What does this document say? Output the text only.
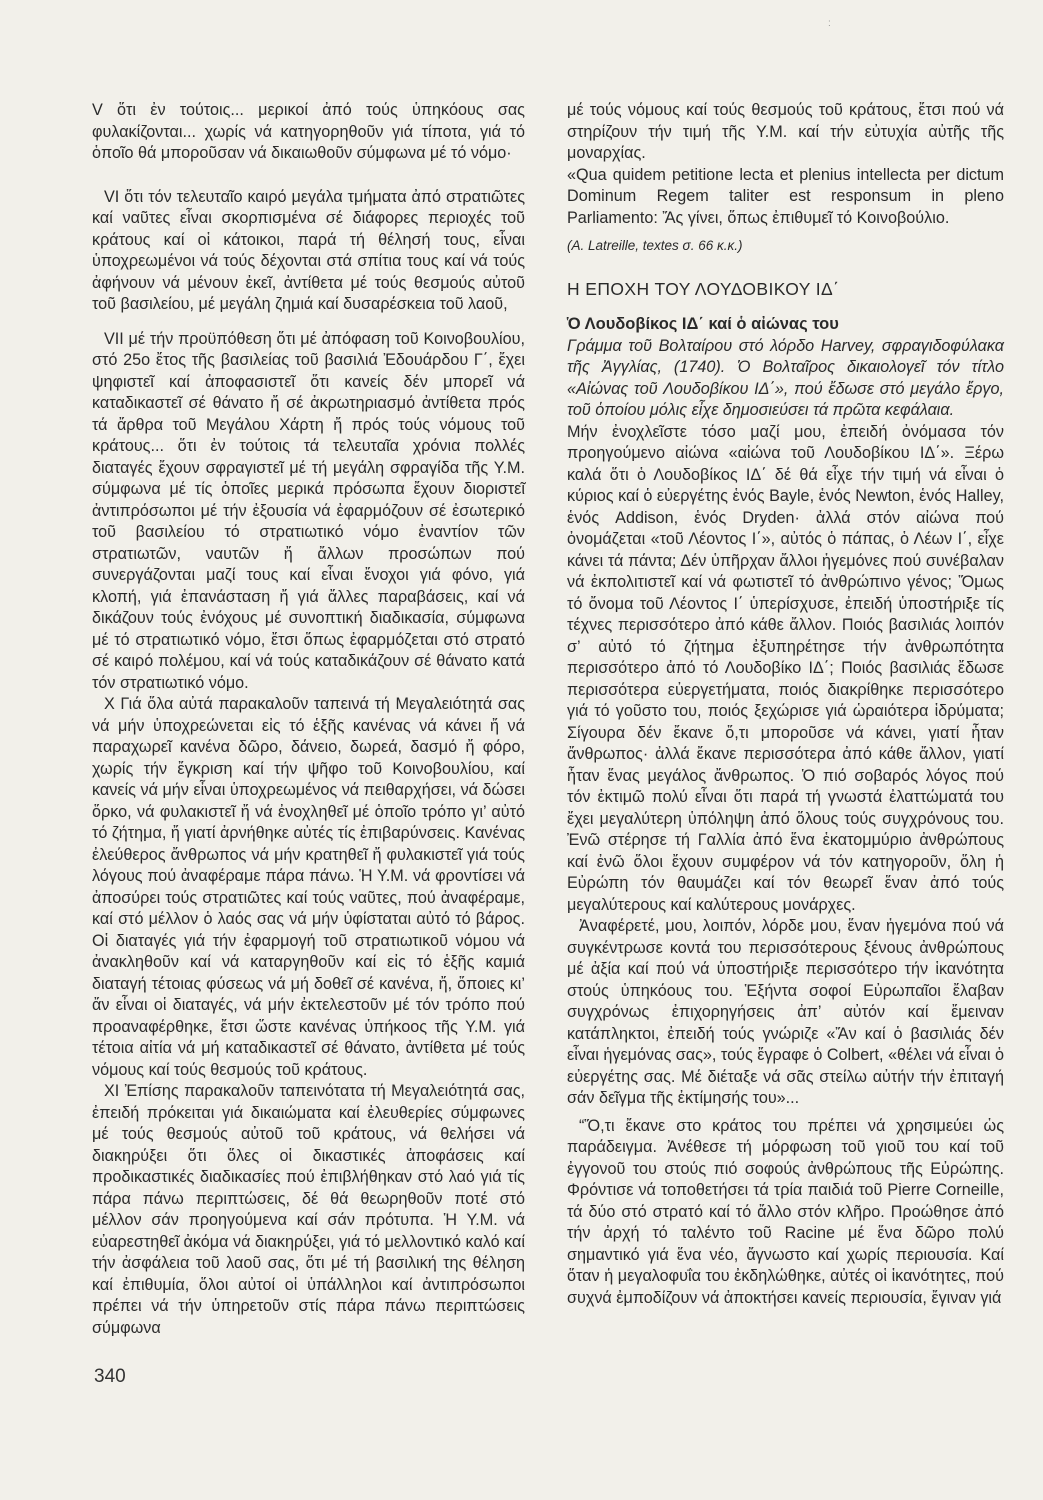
:

V ὅτι ἐν τούτοις... μερικοί ἀπό τούς ὑπηκόους σας φυλακίζονται... χωρίς νά κατηγορηθοῦν γιά τίποτα, γιά τό ὁποῖο θά μποροῦσαν νά δικαιωθοῦν σύμφωνα μέ τό νόμο·

VI ὅτι τόν τελευταῖο καιρό μεγάλα τμήματα ἀπό στρατιῶτες καί ναῦτες εἶναι σκορπισμένα σέ διάφορες περιοχές τοῦ κράτους καί οἱ κάτοικοι, παρά τή θέλησή τους, εἶναι ὑποχρεωμένοι νά τούς δέχονται στά σπίτια τους καί νά τούς ἀφήνουν νά μένουν ἐκεῖ, ἀντίθετα μέ τούς θεσμούς αὐτοῦ τοῦ βασιλείου, μέ μεγάλη ζημιά καί δυσαρέσκεια τοῦ λαοῦ,

VII μέ τήν προϋπόθεση ὅτι μέ ἀπόφαση τοῦ Κοινοβουλίου, στό 25ο ἔτος τῆς βασιλείας τοῦ βασιλιά Ἐδουάρδου Γ΄, ἔχει ψηφιστεῖ καί ἀποφασιστεῖ ὅτι κανείς δέν μπορεῖ νά καταδικαστεῖ σέ θάνατο ἤ σέ ἀκρωτηριασμό ἀντίθετα πρός τά ἄρθρα τοῦ Μεγάλου Χάρτη ἤ πρός τούς νόμους τοῦ κράτους... ὅτι ἐν τούτοις τά τελευταῖα χρόνια πολλές διαταγές ἔχουν σφραγιστεῖ μέ τή μεγάλη σφραγίδα τῆς Υ.Μ. σύμφωνα μέ τίς ὁποῖες μερικά πρόσωπα ἔχουν διοριστεῖ ἀντιπρόσωποι μέ τήν ἐξουσία νά ἐφαρμόζουν σέ ἐσωτερικό τοῦ βασιλείου τό στρατιωτικό νόμο ἐναντίον τῶν στρατιωτῶν, ναυτῶν ἤ ἄλλων προσώπων πού συνεργάζονται μαζί τους καί εἶναι ἔνοχοι γιά φόνο, γιά κλοπή, γιά ἐπανάσταση ἤ γιά ἄλλες παραβάσεις, καί νά δικάζουν τούς ἐνόχους μέ συνοπτική διαδικασία, σύμφωνα μέ τό στρατιωτικό νόμο, ἔτσι ὅπως ἐφαρμόζεται στό στρατό σέ καιρό πολέμου, καί νά τούς καταδικάζουν σέ θάνατο κατά τόν στρατιωτικό νόμο.

X Γιά ὅλα αὐτά παρακαλοῦν ταπεινά τή Μεγαλειότητά σας νά μήν ὑποχρεώνεται εἰς τό ἑξῆς κανένας νά κάνει ἤ νά παραχωρεῖ κανένα δῶρο, δάνειο, δωρεά, δασμό ἤ φόρο, χωρίς τήν ἔγκριση καί τήν ψῆφο τοῦ Κοινοβουλίου, καί κανείς νά μήν εἶναι ὑποχρεωμένος νά πειθαρχήσει, νά δώσει ὅρκο, νά φυλακιστεῖ ἤ νά ἐνοχληθεῖ μέ ὁποῖο τρόπο γι’ αὐτό τό ζήτημα, ἤ γιατί ἀρνήθηκε αὐτές τίς ἐπιβαρύνσεις. Κανένας ἐλεύθερος ἄνθρωπος νά μήν κρατηθεῖ ἤ φυλακιστεῖ γιά τούς λόγους πού ἀναφέραμε πάρα πάνω. Ἡ Υ.Μ. νά φροντίσει νά ἀποσύρει τούς στρατιῶτες καί τούς ναῦτες, πού ἀναφέραμε, καί στό μέλλον ὁ λαός σας νά μήν ὑφίσταται αὐτό τό βάρος. Οἱ διαταγές γιά τήν ἐφαρμογή τοῦ στρατιωτικοῦ νόμου νά ἀνακληθοῦν καί νά καταργηθοῦν καί εἰς τό ἑξῆς καμιά διαταγή τέτοιας φύσεως νά μή δοθεῖ σέ κανένα, ἤ, ὅποιες κι’ ἄν εἶναι οἱ διαταγές, νά μήν ἐκτελεστοῦν μέ τόν τρόπο πού προαναφέρθηκε, ἔτσι ὥστε κανένας ὑπήκοος τῆς Υ.Μ. γιά τέτοια αἰτία νά μή καταδικαστεῖ σέ θάνατο, ἀντίθετα μέ τούς νόμους καί τούς θεσμούς τοῦ κράτους.

XI Ἐπίσης παρακαλοῦν ταπεινότατα τή Μεγαλειότητά σας, ἐπειδή πρόκειται γιά δικαιώματα καί ἐλευθερίες σύμφωνες μέ τούς θεσμούς αὐτοῦ τοῦ κράτους, νά θελήσει νά διακηρύξει ὅτι ὅλες οἱ δικαστικές ἀποφάσεις καί προδικαστικές διαδικασίες πού ἐπιβλήθηκαν στό λαό γιά τίς πάρα πάνω περιπτώσεις, δέ θά θεωρηθοῦν ποτέ στό μέλλον σάν προηγούμενα καί σάν πρότυπα. Ἡ Υ.Μ. νά εὐαρεστηθεῖ ἀκόμα νά διακηρύξει, γιά τό μελλοντικό καλό καί τήν ἀσφάλεια τοῦ λαοῦ σας, ὅτι μέ τή βασιλική της θέληση καί ἐπιθυμία, ὅλοι αὐτοί οἱ ὑπάλληλοι καί ἀντιπρόσωποι πρέπει νά τήν ὑπηρετοῦν στίς πάρα πάνω περιπτώσεις σύμφωνα

μέ τούς νόμους καί τούς θεσμούς τοῦ κράτους, ἔτσι πού νά στηρίζουν τήν τιμή τῆς Υ.Μ. καί τήν εὐτυχία αὐτῆς τῆς μοναρχίας.

«Qua quidem petitione lecta et plenius intellecta per dictum Dominum Regem taliter est responsum in pleno Parliamento: Ἄς γίνει, ὅπως ἐπιθυμεῖ τό Κοινοβούλιο.

(A. Latreille, textes σ. 66 κ.κ.)

Η ΕΠΟΧΗ ΤΟΥ ΛΟΥΔΟΒΙΚΟΥ ΙΔ΄

Ὁ Λουδοβίκος ΙΔ΄ καί ὁ αἰώνας του

Γράμμα τοῦ Βολταίρου στό λόρδο Harvey, σφραγιδοφύλακα τῆς Ἀγγλίας, (1740). Ὁ Βολταῖρος δικαιολογεῖ τόν τίτλο «Αἰώνας τοῦ Λουδοβίκου ΙΔ΄», πού ἔδωσε στό μεγάλο ἔργο, τοῦ ὁποίου μόλις εἶχε δημοσιεύσει τά πρῶτα κεφάλαια.

Μήν ἐνοχλεῖστε τόσο μαζί μου, ἐπειδή ὀνόμασα τόν προηγούμενο αἰώνα «αἰώνα τοῦ Λουδοβίκου ΙΔ΄». Ξέρω καλά ὅτι ὁ Λουδοβίκος ΙΔ΄ δέ θά εἶχε τήν τιμή νά εἶναι ὁ κύριος καί ὁ εὐεργέτης ἑνός Bayle, ἑνός Newton, ἑνός Halley, ἑνός Addison, ἑνός Dryden· ἀλλά στόν αἰώνα πού ὀνομάζεται «τοῦ Λέοντος Ι΄», αὐτός ὁ πάπας, ὁ Λέων Ι΄, εἶχε κάνει τά πάντα; Δέν ὑπῆρχαν ἄλλοι ἡγεμόνες πού συνέβαλαν νά ἐκπολιτιστεῖ καί νά φωτιστεῖ τό ἀνθρώπινο γένος; Ὅμως τό ὄνομα τοῦ Λέοντος Ι΄ ὑπερίσχυσε, ἐπειδή ὑποστήριξε τίς τέχνες περισσότερο ἀπό κάθε ἄλλον. Ποιός βασιλιάς λοιπόν σ’ αὐτό τό ζήτημα ἐξυπηρέτησε τήν ἀνθρωπότητα περισσότερο ἀπό τό Λουδοβίκο ΙΔ΄; Ποιός βασιλιάς ἔδωσε περισσότερα εὐεργετήματα, ποιός διακρίθηκε περισσότερο γιά τό γοῦστο του, ποιός ξεχώρισε γιά ὡραιότερα ἱδρύματα; Σίγουρα δέν ἔκανε ὅ,τι μποροῦσε νά κάνει, γιατί ἦταν ἄνθρωπος· ἀλλά ἔκανε περισσότερα ἀπό κάθε ἄλλον, γιατί ἦταν ἕνας μεγάλος ἄνθρωπος. Ὁ πιό σοβαρός λόγος πού τόν ἐκτιμῶ πολύ εἶναι ὅτι παρά τή γνωστά ἐλαττώματά του ἔχει μεγαλύτερη ὑπόληψη ἀπό ὅλους τούς συγχρόνους του. Ἐνῶ στέρησε τή Γαλλία ἀπό ἕνα ἑκατομμύριο ἀνθρώπους καί ἐνῶ ὅλοι ἔχουν συμφέρον νά τόν κατηγοροῦν, ὅλη ἡ Εὐρώπη τόν θαυμάζει καί τόν θεωρεῖ ἕναν ἀπό τούς μεγαλύτερους καί καλύτερους μονάρχες.

Ἀναφέρετέ, μου, λοιπόν, λόρδε μου, ἕναν ἡγεμόνα πού νά συγκέντρωσε κοντά του περισσότερους ξένους ἀνθρώπους μέ ἀξία καί πού νά ὑποστήριξε περισσότερο τήν ἱκανότητα στούς ὑπηκόους του. Ἑξήντα σοφοί Εὐρωπαῖοι ἔλαβαν συγχρόνως ἐπιχορηγήσεις ἀπ’ αὐτόν καί ἔμειναν κατάπληκτοι, ἐπειδή τούς γνώριζε «Ἄν καί ὁ βασιλιάς δέν εἶναι ἡγεμόνας σας», τούς ἔγραφε ὁ Colbert, «θέλει νά εἶναι ὁ εὐεργέτης σας. Μέ διέταξε νά σᾶς στείλω αὐτήν τήν ἐπιταγή σάν δεῖγμα τῆς ἐκτίμησής του»...

“Ὅ,τι ἔκανε στο κράτος του πρέπει νά χρησιμεύει ὡς παράδειγμα. Ἀνέθεσε τή μόρφωση τοῦ γιοῦ του καί τοῦ ἐγγονοῦ του στούς πιό σοφούς ἀνθρώπους τῆς Εὐρώπης. Φρόντισε νά τοποθετήσει τά τρία παιδιά τοῦ Pierre Corneille, τά δύο στό στρατό καί τό ἄλλο στόν κλῆρο. Προώθησε ἀπό τήν ἀρχή τό ταλέντο τοῦ Racine μέ ἕνα δῶρο πολύ σημαντικό γιά ἕνα νέο, ἄγνωστο καί χωρίς περιουσία. Καί ὅταν ἡ μεγαλοφυΐα του ἐκδηλώθηκε, αὐτές οἱ ἱκανότητες, πού συχνά ἐμποδίζουν νά ἀποκτήσει κανείς περιουσία, ἔγιναν γιά

340
